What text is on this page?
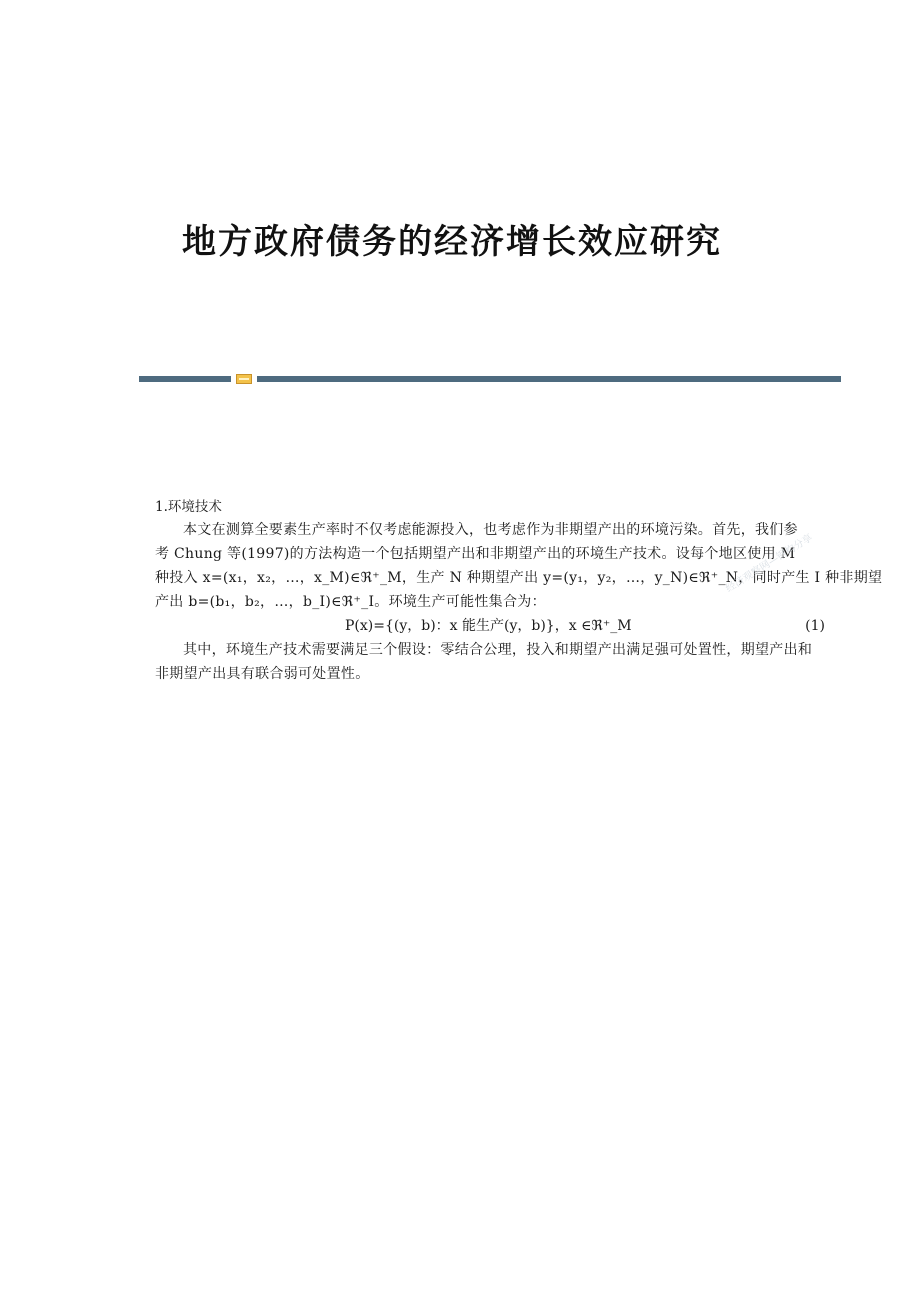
地方政府债务的经济增长效应研究
1.环境技术
本文在测算全要素生产率时不仅考虑能源投入，也考虑作为非期望产出的环境污染。首先，我们参
考 Chung 等(1997)的方法构造一个包括期望产出和非期望产出的环境生产技术。设每个地区使用 M
种投入 x=(x₁，x₂，…，x_M)∈ℜ⁺_M，生产 N 种期望产出 y=(y₁，y₂，…，y_N)∈ℜ⁺_N，同时产生 I 种非期望
产出 b=(b₁，b₂，…，b_I)∈ℜ⁺_I。环境生产可能性集合为：
P(x)={(y，b)：x 能生产(y，b)}，x ∈ℜ⁺_M	(1)
其中，环境生产技术需要满足三个假设：零结合公理，投入和期望产出满足强可处置性，期望产出和
非期望产出具有联合弱可处置性。
经济观察网—钢构分享
